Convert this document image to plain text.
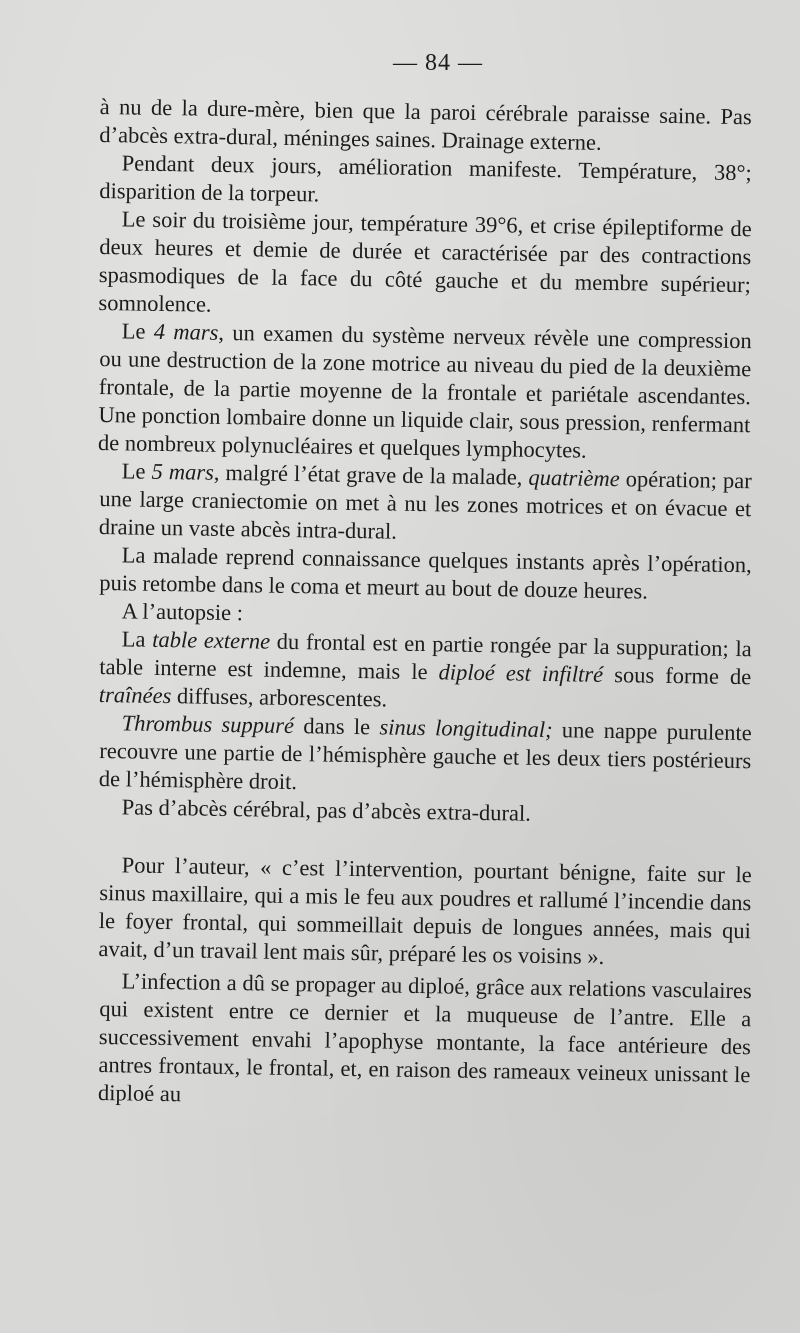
— 84 —

à nu de la dure-mère, bien que la paroi cérébrale paraisse saine. Pas d’abcès extra-dural, méninges saines. Drainage externe.

Pendant deux jours, amélioration manifeste. Température, 38°; disparition de la torpeur.

Le soir du troisième jour, température 39°6, et crise épileptiforme de deux heures et demie de durée et caractérisée par des contractions spasmodiques de la face du côté gauche et du membre supérieur; somnolence.

Le 4 mars, un examen du système nerveux révèle une compression ou une destruction de la zone motrice au niveau du pied de la deuxième frontale, de la partie moyenne de la frontale et pariétale ascendantes. Une ponction lombaire donne un liquide clair, sous pression, renfermant de nombreux polynucléaires et quelques lymphocytes.

Le 5 mars, malgré l’état grave de la malade, quatrième opération; par une large craniectomie on met à nu les zones motrices et on évacue et draine un vaste abcès intra-dural.

La malade reprend connaissance quelques instants après l’opération, puis retombe dans le coma et meurt au bout de douze heures.

A l’autopsie :

La table externe du frontal est en partie rongée par la suppuration; la table interne est indemne, mais le diploé est infiltré sous forme de traînées diffuses, arborescentes.

Thrombus suppuré dans le sinus longitudinal; une nappe purulente recouvre une partie de l’hémisphère gauche et les deux tiers postérieurs de l’hémisphère droit.

Pas d’abcès cérébral, pas d’abcès extra-dural.

Pour l’auteur, « c’est l’intervention, pourtant bénigne, faite sur le sinus maxillaire, qui a mis le feu aux poudres et rallumé l’incendie dans le foyer frontal, qui sommeillait depuis de longues années, mais qui avait, d’un travail lent mais sûr, préparé les os voisins ».

L’infection a dû se propager au diploé, grâce aux relations vasculaires qui existent entre ce dernier et la muqueuse de l’antre. Elle a successivement envahi l’apophyse montante, la face antérieure des antres frontaux, le frontal, et, en raison des rameaux veineux unissant le diploé au
